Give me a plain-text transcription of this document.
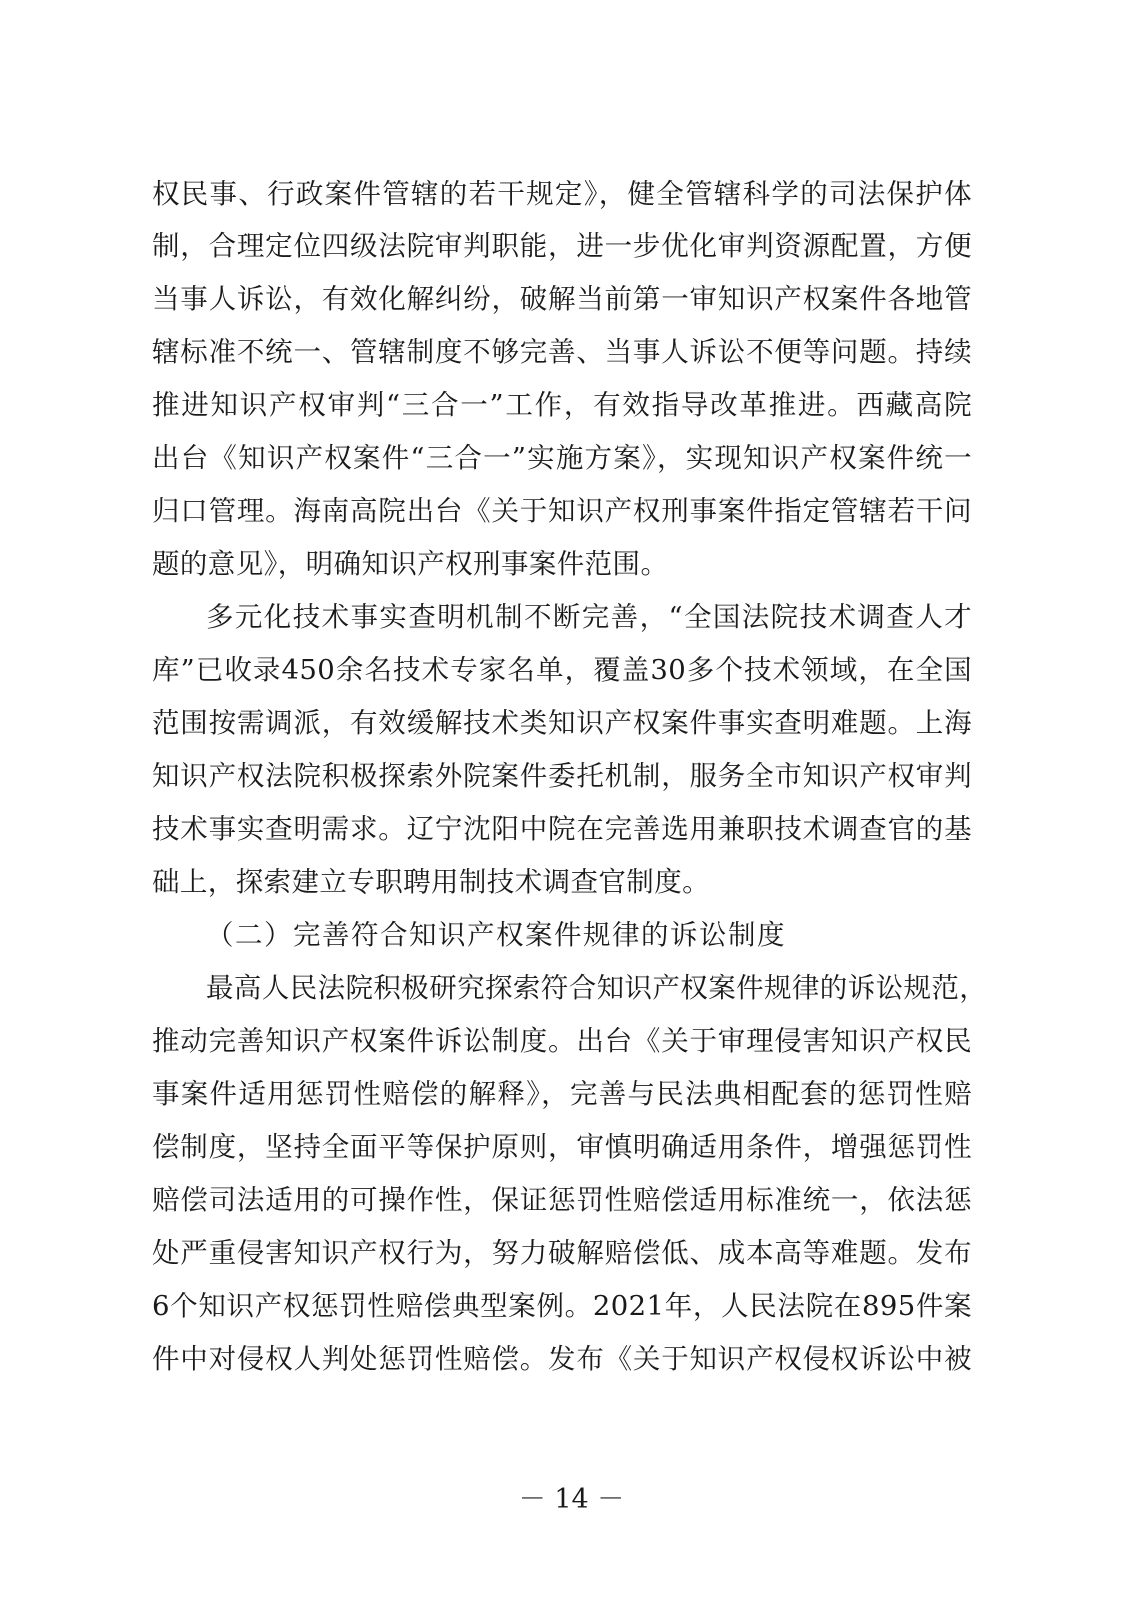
权民事、行政案件管辖的若干规定》，健全管辖科学的司法保护体
制，合理定位四级法院审判职能，进一步优化审判资源配置，方便
当事人诉讼，有效化解纠纷，破解当前第一审知识产权案件各地管
辖标准不统一、管辖制度不够完善、当事人诉讼不便等问题。持续
推进知识产权审判“三合一”工作，有效指导改革推进。西藏高院
出台《知识产权案件“三合一”实施方案》，实现知识产权案件统一
归口管理。海南高院出台《关于知识产权刑事案件指定管辖若干问
题的意见》，明确知识产权刑事案件范围。
多元化技术事实查明机制不断完善，“全国法院技术调查人才
库”已收录450余名技术专家名单，覆盖30多个技术领域，在全国
范围按需调派，有效缓解技术类知识产权案件事实查明难题。上海
知识产权法院积极探索外院案件委托机制，服务全市知识产权审判
技术事实查明需求。辽宁沈阳中院在完善选用兼职技术调查官的基
础上，探索建立专职聘用制技术调查官制度。
（二）完善符合知识产权案件规律的诉讼制度
最高人民法院积极研究探索符合知识产权案件规律的诉讼规范，
推动完善知识产权案件诉讼制度。出台《关于审理侵害知识产权民
事案件适用惩罚性赔偿的解释》，完善与民法典相配套的惩罚性赔
偿制度，坚持全面平等保护原则，审慎明确适用条件，增强惩罚性
赔偿司法适用的可操作性，保证惩罚性赔偿适用标准统一，依法惩
处严重侵害知识产权行为，努力破解赔偿低、成本高等难题。发布
6个知识产权惩罚性赔偿典型案例。2021年，人民法院在895件案
件中对侵权人判处惩罚性赔偿。发布《关于知识产权侵权诉讼中被
－ 14 －
